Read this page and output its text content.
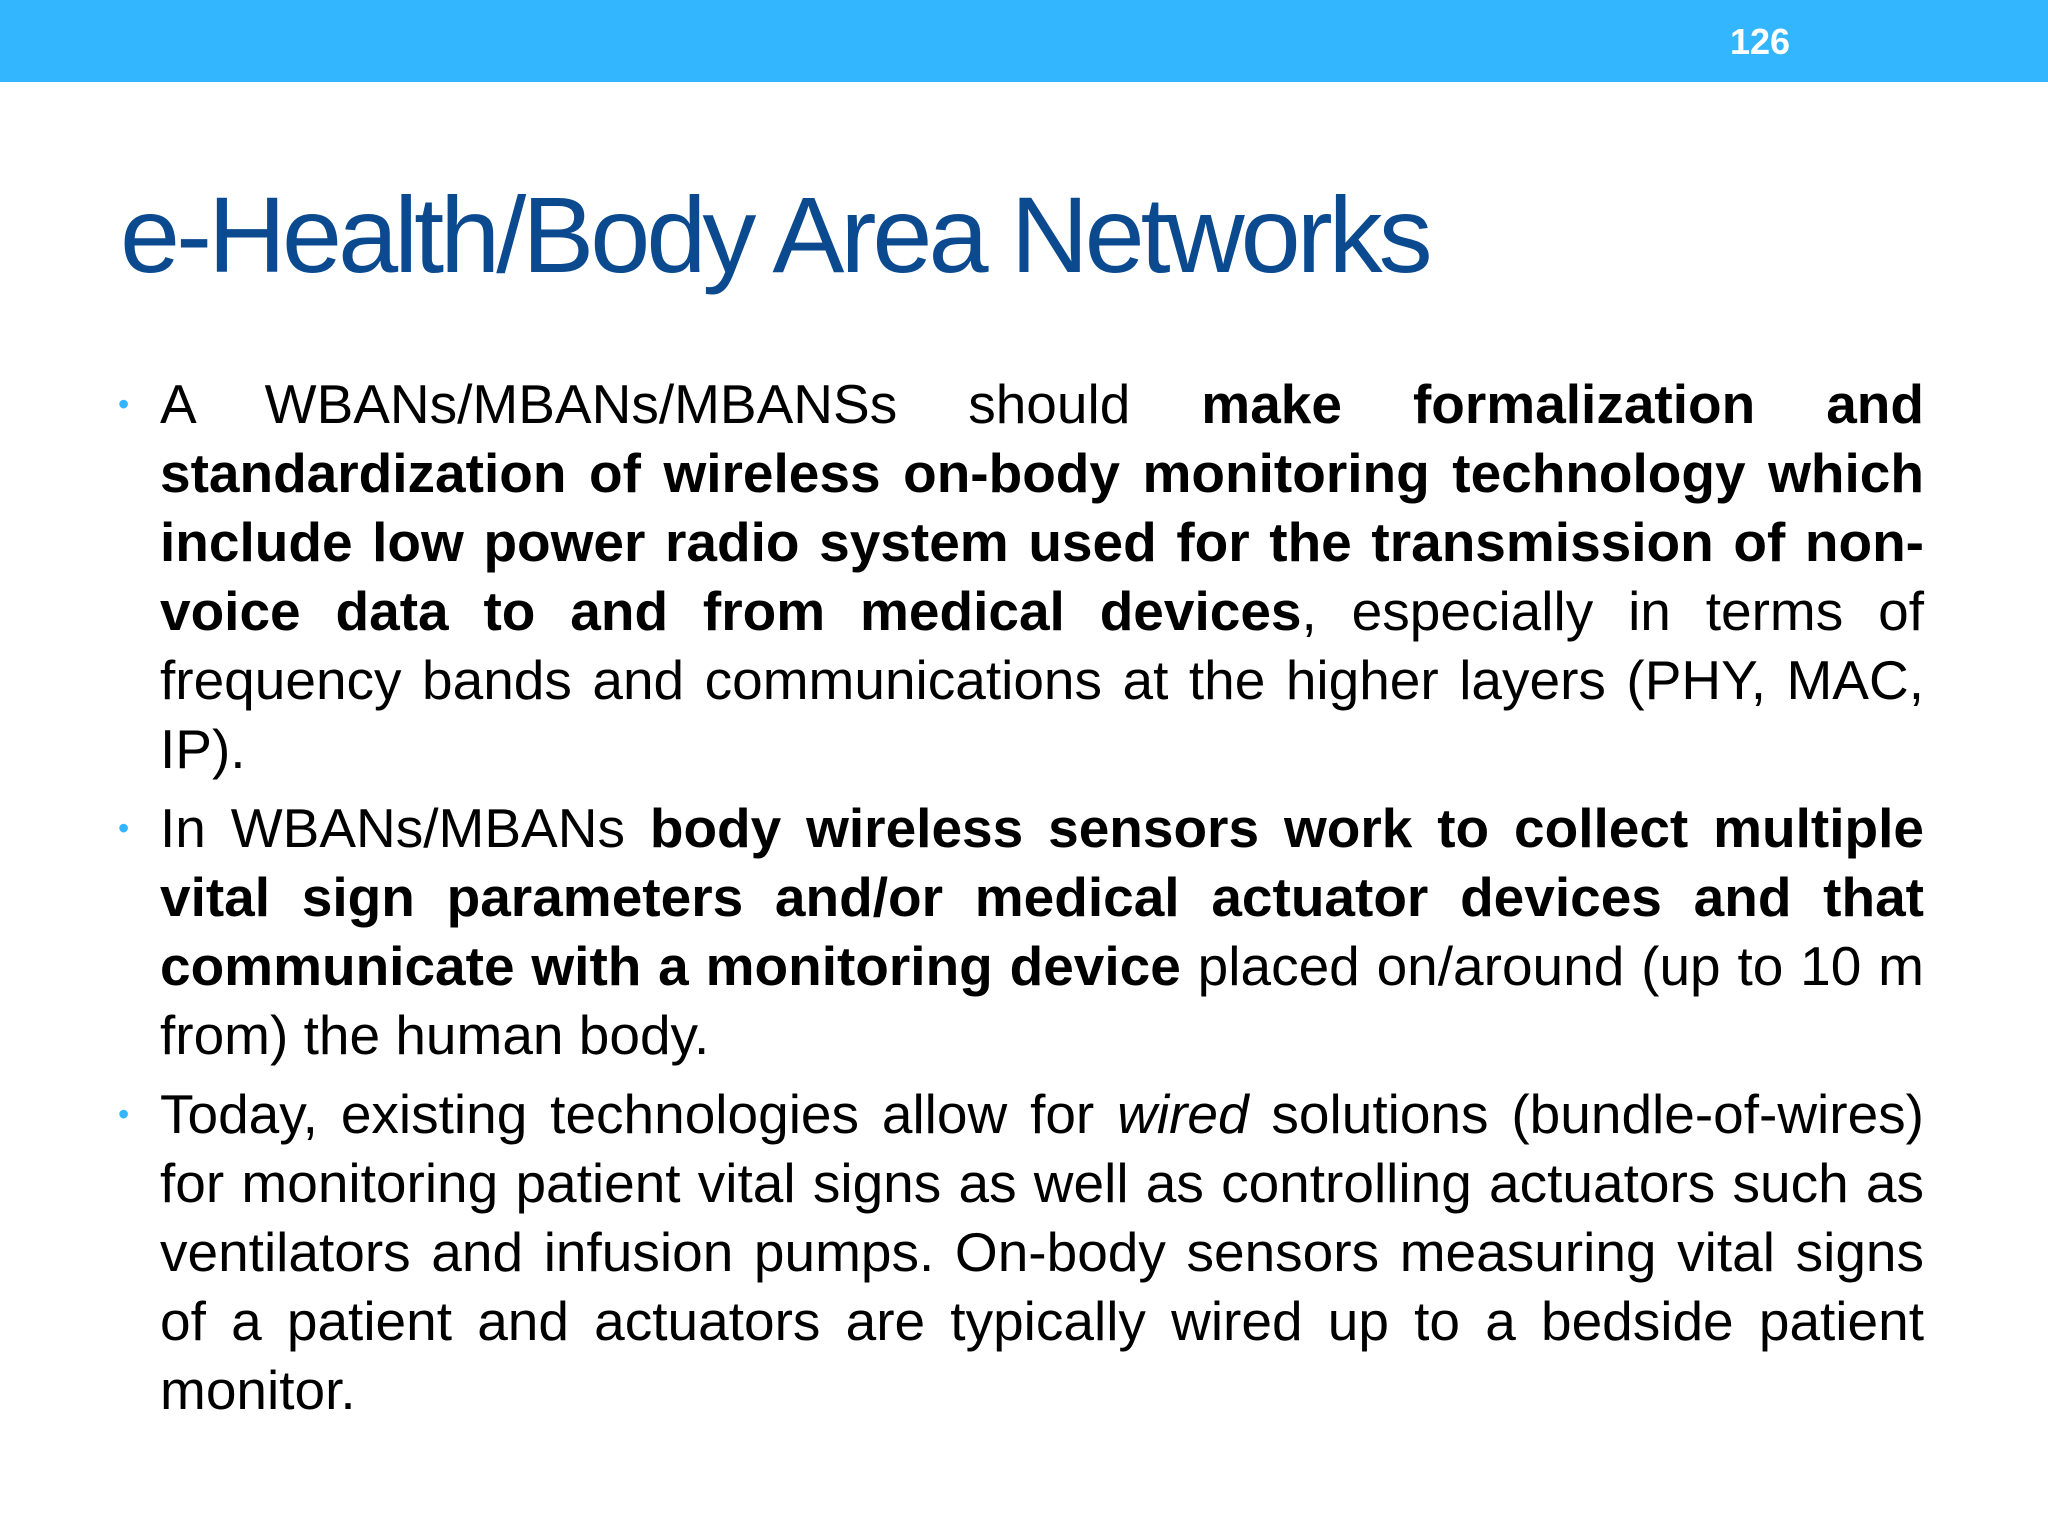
126
e-Health/Body Area Networks
• A WBANs/MBANs/MBANSs should make formalization and standardization of wireless on-body monitoring technology which include low power radio system used for the transmission of non-voice data to and from medical devices, especially in terms of frequency bands and communications at the higher layers (PHY, MAC, IP).
• In WBANs/MBANs body wireless sensors work to collect multiple vital sign parameters and/or medical actuator devices and that communicate with a monitoring device placed on/around (up to 10 m from) the human body.
• Today, existing technologies allow for wired solutions (bundle-of-wires) for monitoring patient vital signs as well as controlling actuators such as ventilators and infusion pumps. On-body sensors measuring vital signs of a patient and actuators are typically wired up to a bedside patient monitor.
